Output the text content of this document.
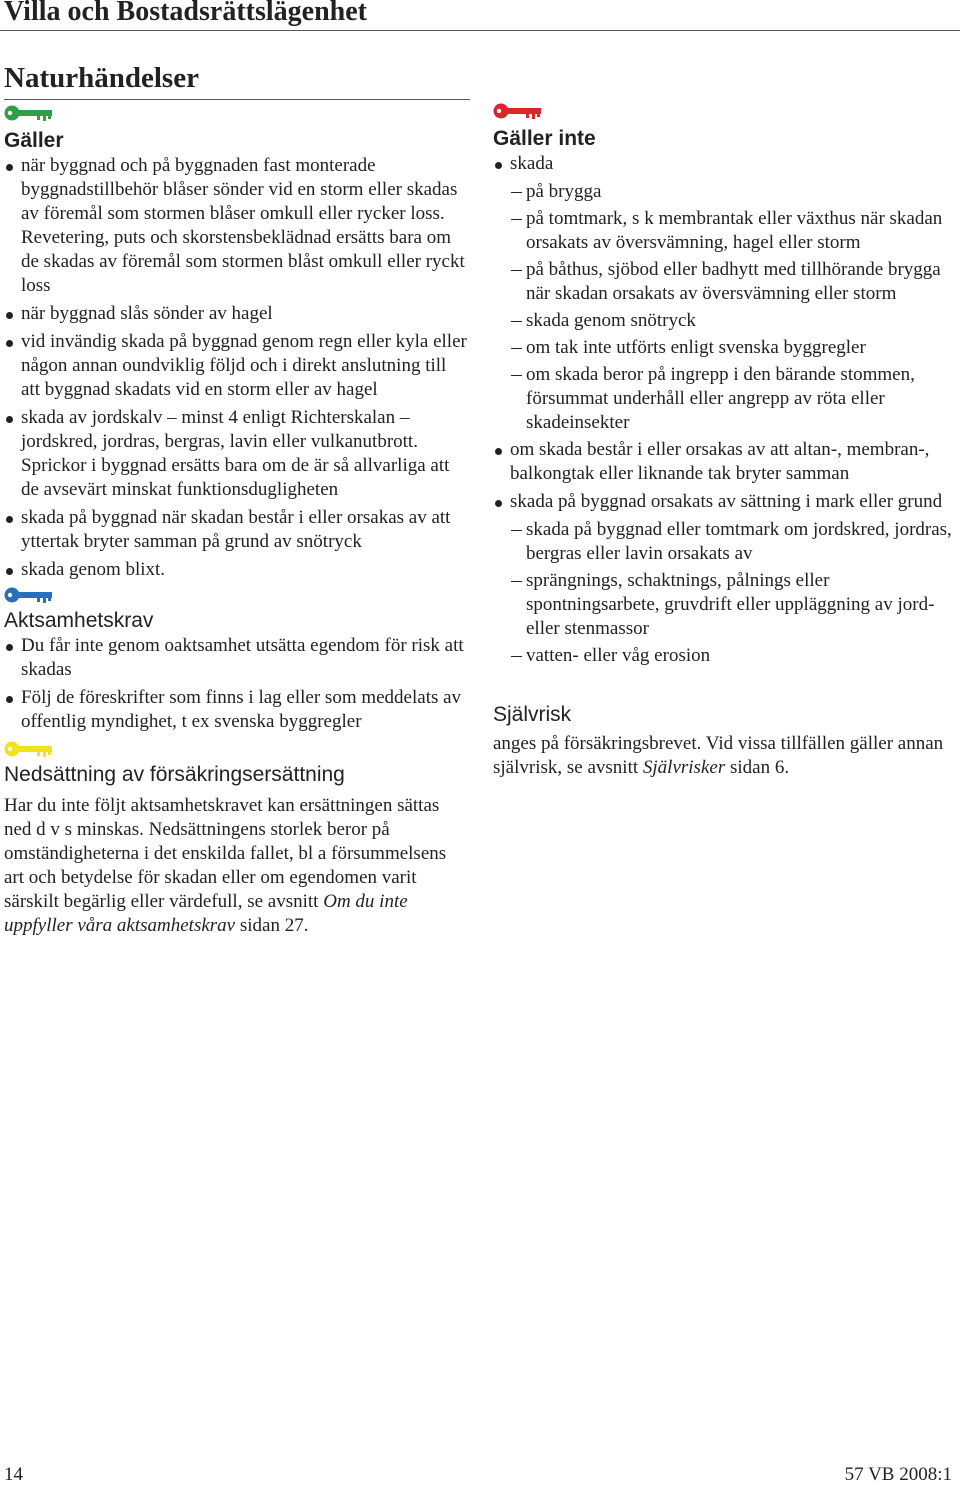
Villa och Bostadsrättslägenhet
Naturhändelser
Gäller
när byggnad och på byggnaden fast monterade byggnadstillbehör blåser sönder vid en storm eller skadas av föremål som stormen blåser omkull eller rycker loss. Revetering, puts och skorstensbeklädnad ersätts bara om de skadas av föremål som stormen blåst omkull eller ryckt loss
när byggnad slås sönder av hagel
vid invändig skada på byggnad genom regn eller kyla eller någon annan oundviklig följd och i direkt anslutning till att byggnad skadats vid en storm eller av hagel
skada av jordskalv – minst 4 enligt Richterskalan – jordskred, jordras, bergras, lavin eller vulkanutbrott. Sprickor i byggnad ersätts bara om de är så allvarliga att de avsevärt minskat funktionsdugligheten
skada på byggnad när skadan består i eller orsakas av att yttertak bryter samman på grund av snötryck
skada genom blixt.
Aktsamhetskrav
Du får inte genom oaktsamhet utsätta egendom för risk att skadas
Följ de föreskrifter som finns i lag eller som meddelats av offentlig myndighet, t ex svenska byggregler
Nedsättning av försäkringsersättning

Har du inte följt aktsamhetskravet kan ersättningen sättas ned d v s minskas. Nedsättningens storlek beror på omständigheterna i det enskilda fallet, bl a försummelsens art och betydelse för skadan eller om egendomen varit särskilt begärlig eller värdefull, se avsnitt Om du inte uppfyller våra aktsamhetskrav sidan 27.

Gäller inte
skada
på brygga
på tomtmark, s k membrantak eller växthus när skadan orsakats av översvämning, hagel eller storm
på båthus, sjöbod eller badhytt med tillhörande brygga när skadan orsakats av översvämning eller storm
skada genom snötryck
om tak inte utförts enligt svenska byggregler
om skada beror på ingrepp i den bärande stommen, försummat underhåll eller angrepp av röta eller skadeinsekter
om skada består i eller orsakas av att altan-, membran-, balkongtak eller liknande tak bryter samman
skada på byggnad orsakats av sättning i mark eller grund
skada på byggnad eller tomtmark om jordskred, jordras, bergras eller lavin orsakats av
sprängnings, schaktnings, pålnings eller spontningsarbete, gruvdrift eller uppläggning av jord- eller stenmassor
vatten- eller våg erosion
Självrisk

anges på försäkringsbrevet. Vid vissa tillfällen gäller annan självrisk, se avsnitt Självrisker sidan 6.

14	57 VB 2008:1
